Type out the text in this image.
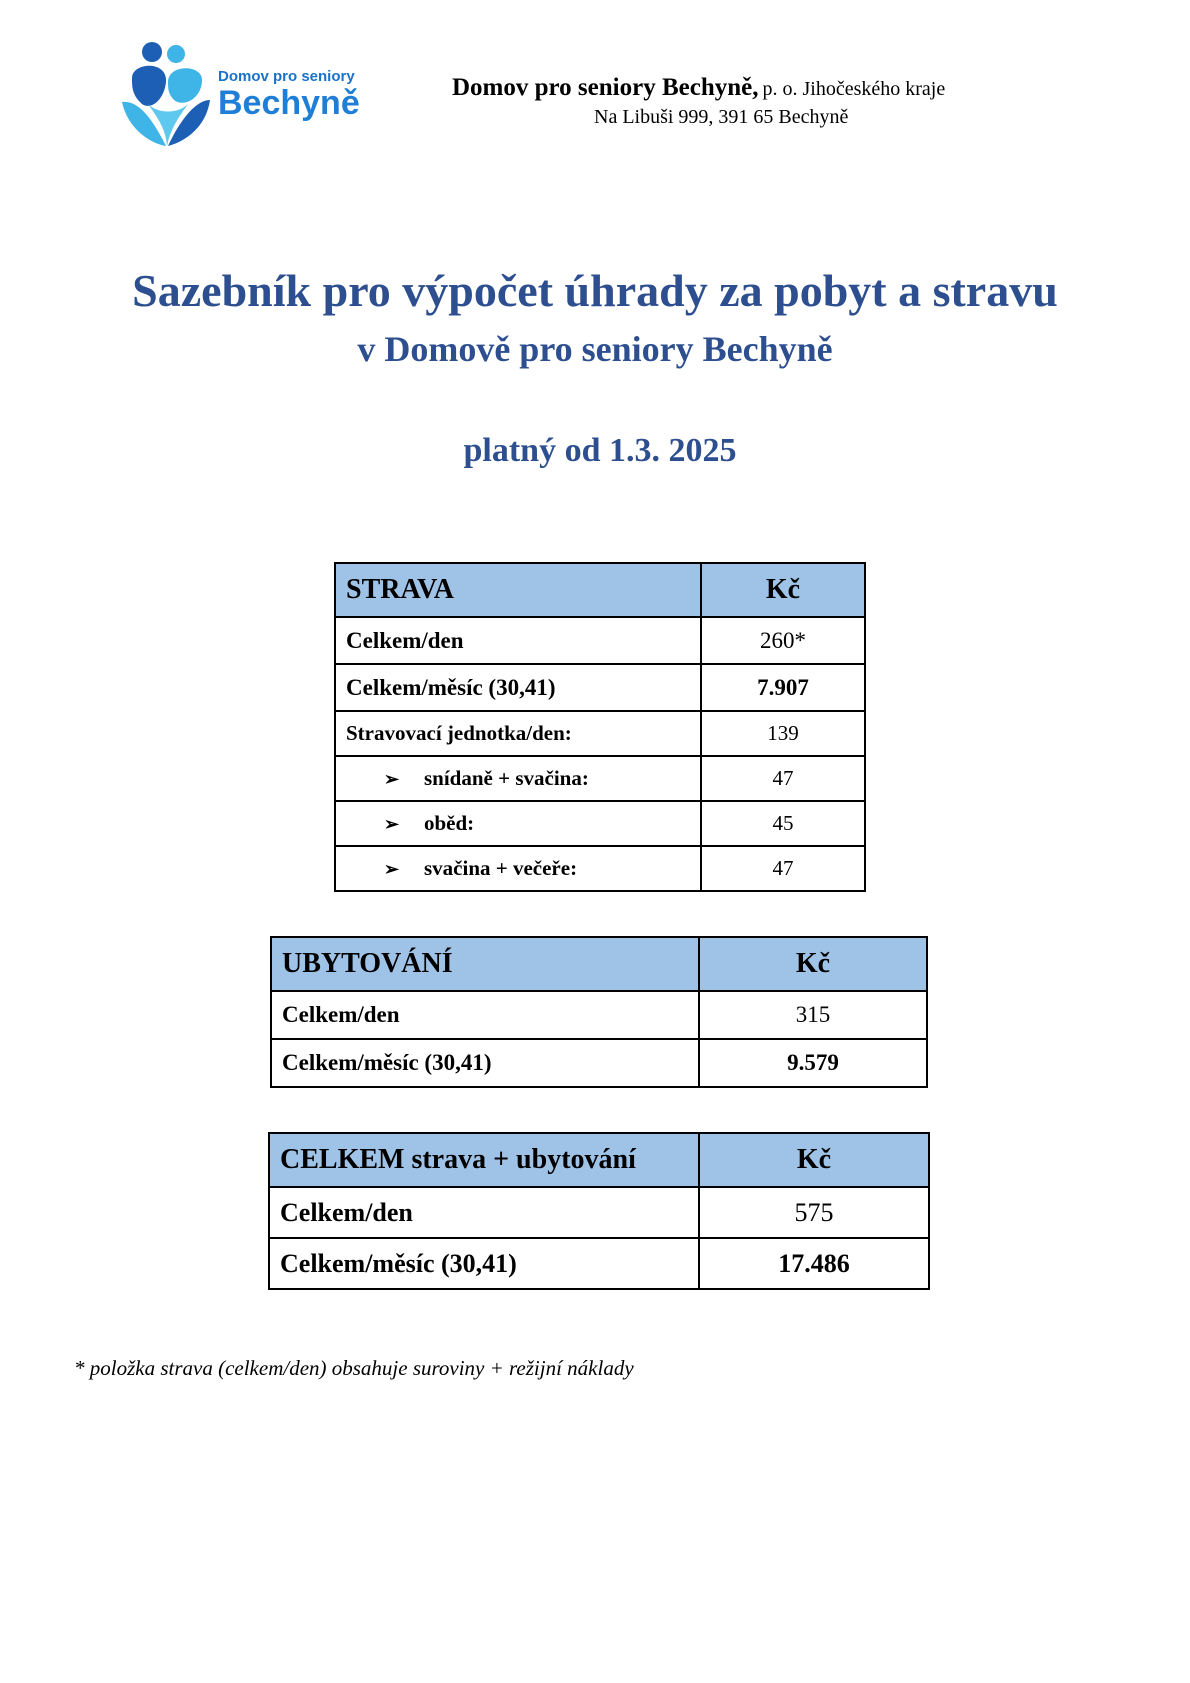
Domov pro seniory
Bechyně	Domov pro seniory Bechyně, p. o. Jihočeského kraje
Na Libuši 999, 391 65 Bechyně
Sazebník pro výpočet úhrady za pobyt a stravu
v Domově pro seniory Bechyně
platný od 1.3. 2025
STRAVA	Kč
Celkem/den	260*
Celkem/měsíc (30,41)	7.907
Stravovací jednotka/den:	139
➢ snídaně + svačina:	47
➢ oběd:	45
➢ svačina + večeře:	47
UBYTOVÁNÍ	Kč
Celkem/den	315
Celkem/měsíc (30,41)	9.579
CELKEM strava + ubytování	Kč
Celkem/den	575
Celkem/měsíc (30,41)	17.486
* položka strava (celkem/den) obsahuje suroviny + režijní náklady
